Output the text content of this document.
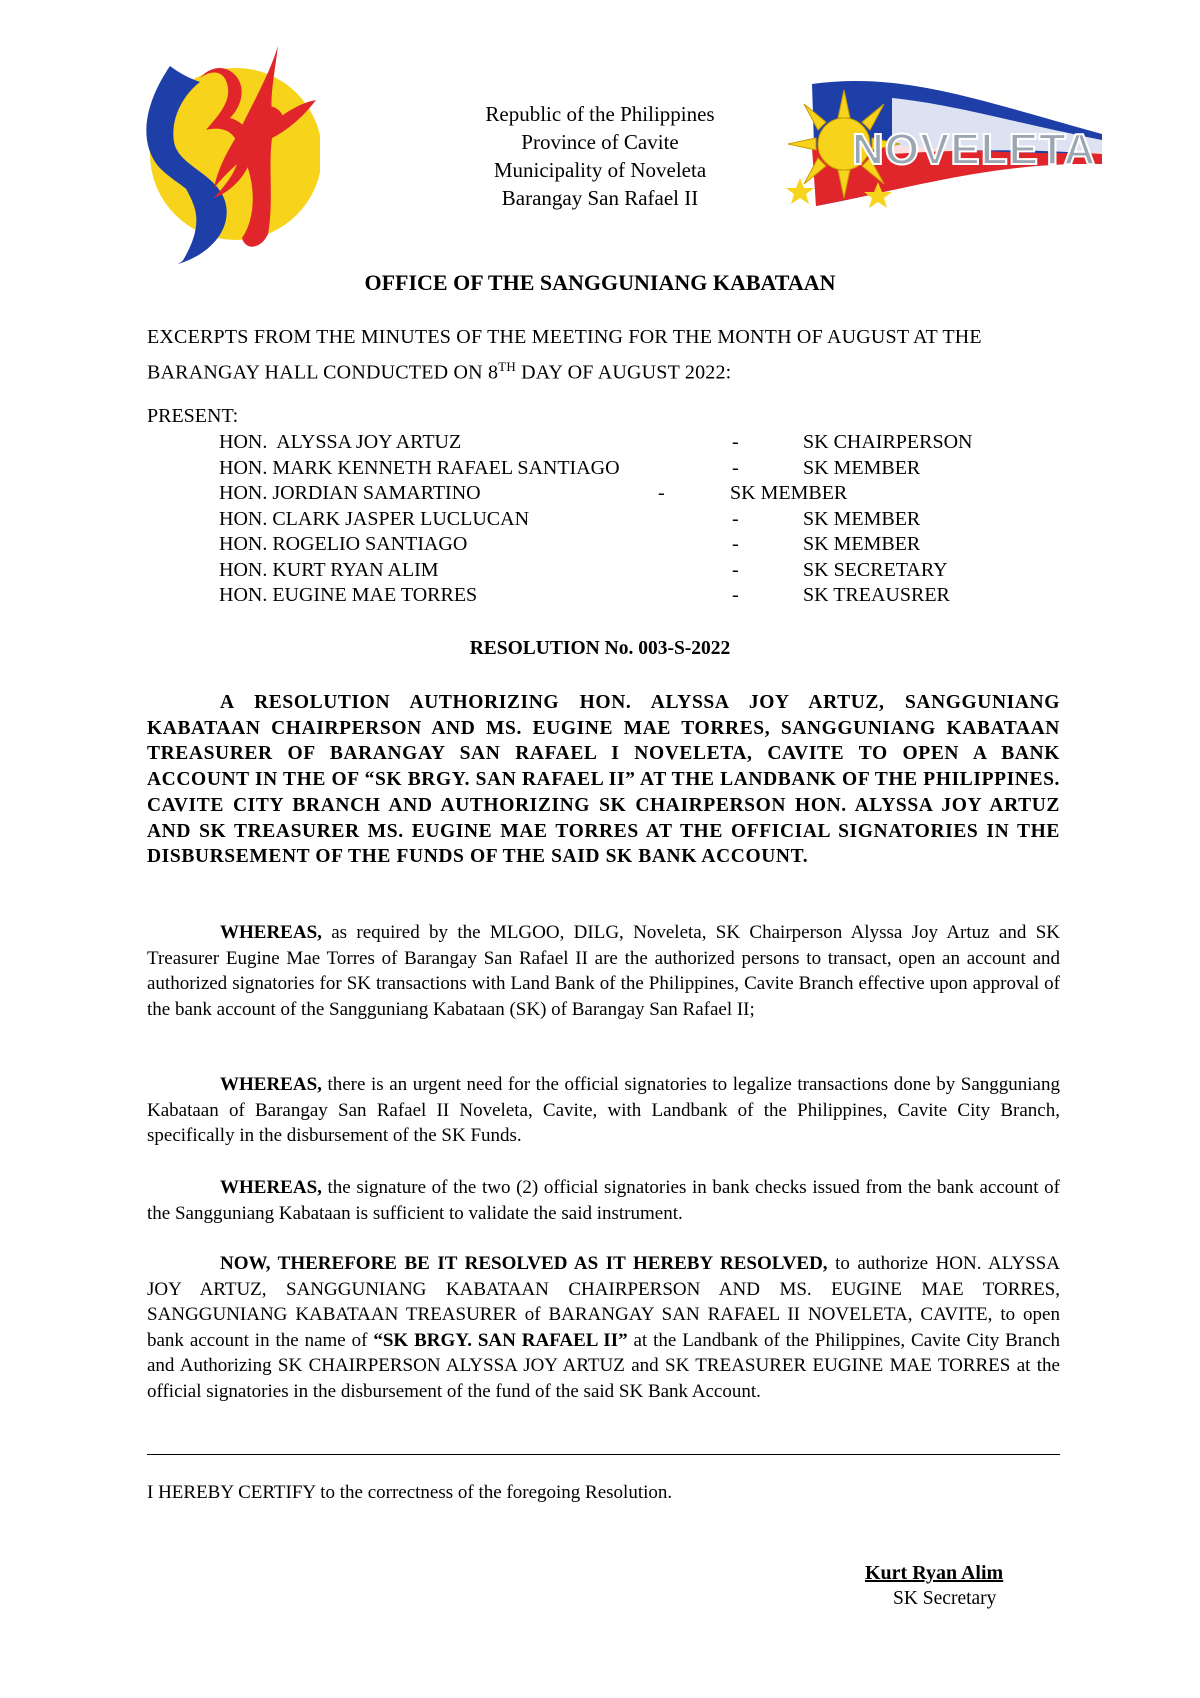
Republic of the Philippines
Province of Cavite
Municipality of Noveleta
Barangay San Rafael II
NOVELETA
OFFICE OF THE SANGGUNIANG KABATAAN
EXCERPTS FROM THE MINUTES OF THE MEETING FOR THE MONTH OF AUGUST AT THE
BARANGAY HALL CONDUCTED ON 8TH DAY OF AUGUST 2022:
PRESENT:
HON.  ALYSSA JOY ARTUZ	-	SK CHAIRPERSON
HON. MARK KENNETH RAFAEL SANTIAGO	-	SK MEMBER
HON. JORDIAN SAMARTINO	-	SK MEMBER
HON. CLARK JASPER LUCLUCAN	-	SK MEMBER
HON. ROGELIO SANTIAGO	-	SK MEMBER
HON. KURT RYAN ALIM	-	SK SECRETARY
HON. EUGINE MAE TORRES	-	SK TREAUSRER
RESOLUTION No. 003-S-2022
A RESOLUTION AUTHORIZING HON. ALYSSA JOY ARTUZ, SANGGUNIANG KABATAAN CHAIRPERSON AND MS. EUGINE MAE TORRES, SANGGUNIANG KABATAAN TREASURER OF BARANGAY SAN RAFAEL I NOVELETA, CAVITE TO OPEN A BANK ACCOUNT IN THE OF “SK BRGY. SAN RAFAEL II” AT THE LANDBANK OF THE PHILIPPINES. CAVITE CITY BRANCH AND AUTHORIZING SK CHAIRPERSON HON. ALYSSA JOY ARTUZ AND SK TREASURER MS. EUGINE MAE TORRES AT THE OFFICIAL SIGNATORIES IN THE DISBURSEMENT OF THE FUNDS OF THE SAID SK BANK ACCOUNT.
WHEREAS, as required by the MLGOO, DILG, Noveleta, SK Chairperson Alyssa Joy Artuz and SK Treasurer Eugine Mae Torres of Barangay San Rafael II are the authorized persons to transact, open an account and authorized signatories for SK transactions with Land Bank of the Philippines, Cavite Branch effective upon approval of the bank account of the Sangguniang Kabataan (SK) of Barangay San Rafael II;
WHEREAS, there is an urgent need for the official signatories to legalize transactions done by Sangguniang Kabataan of Barangay San Rafael II Noveleta, Cavite, with Landbank of the Philippines, Cavite City Branch, specifically in the disbursement of the SK Funds.
WHEREAS, the signature of the two (2) official signatories in bank checks issued from the bank account of the Sangguniang Kabataan is sufficient to validate the said instrument.
NOW, THEREFORE BE IT RESOLVED AS IT HEREBY RESOLVED, to authorize HON. ALYSSA JOY ARTUZ, SANGGUNIANG KABATAAN CHAIRPERSON AND MS. EUGINE MAE TORRES, SANGGUNIANG KABATAAN TREASURER of BARANGAY SAN RAFAEL II NOVELETA, CAVITE, to open bank account in the name of “SK BRGY. SAN RAFAEL II” at the Landbank of the Philippines, Cavite City Branch and Authorizing SK CHAIRPERSON ALYSSA JOY ARTUZ and SK TREASURER EUGINE MAE TORRES at the official signatories in the disbursement of the fund of the said SK Bank Account.
I HEREBY CERTIFY to the correctness of the foregoing Resolution.
Kurt Ryan Alim
SK Secretary
